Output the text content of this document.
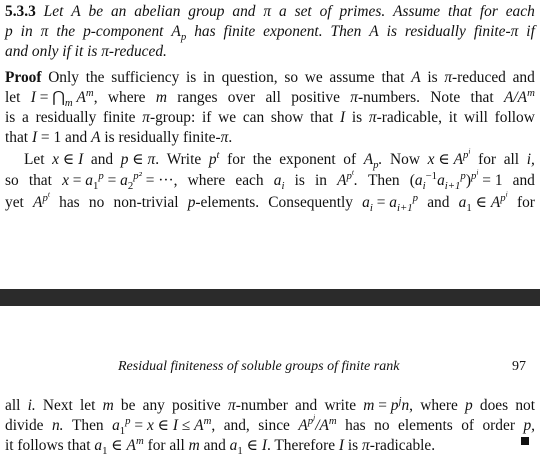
5.3.3 Let A be an abelian group and π a set of primes. Assume that for each
p in π the p-component $A_p$ has finite exponent. Then A is residually finite-π if
and only if it is π-reduced.
Proof Only the sufficiency is in question, so we assume that A is π-reduced and
let $I = ⋂_m$ $A^m$, where m ranges over all positive π-numbers. Note that $A/A^m$
is a residually finite π-group: if we can show that I is π-radicable, it will follow
that I = 1 and A is residually finite-π.
Let x ∈ I and p ∈ π. Write $p^t$ for the exponent of $A_p$. Now x ∈ $A^{p^i}$
for all i,
so that $x = a_1^p = a_2^{p^2}$ = ···, where each $a_i$ is in $A^{p^t}$. Then $(a_i^{-1}a_{i+1}^p)^{p^i} = 1$ and
yet $A^{p^t}$
has no non-trivial p-elements. Consequently $a_i = a_{i+1}^p$ and $a_1$ ∈ $A^{p^i}$
for
Residual finiteness of soluble groups of finite rank	97
all i. Next let m be any positive π-number and write $m = p^jn$, where p does not
divide n. Then $a_1^p = x$ ∈ $I \le A^m$, and, since $A^{p^j}/A^m$ has no elements of order p,
it follows that $a_1$ ∈ $A^m$ for all m and $a_1$ ∈ I. Therefore I is π-radicable.
